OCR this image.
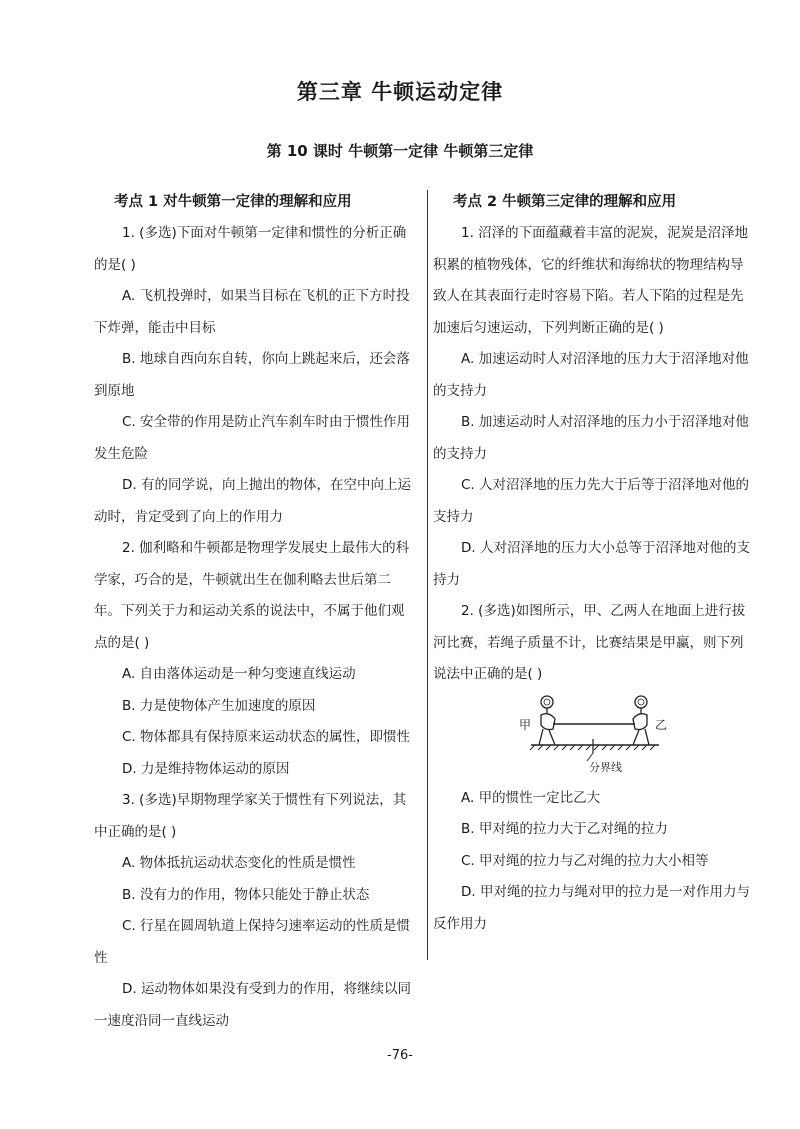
第三章 牛顿运动定律
第 10 课时 牛顿第一定律 牛顿第三定律

考点 1 对牛顿第一定律的理解和应用

1. (多选)下面对牛顿第一定律和惯性的分析正确的是( )

A. 飞机投弹时，如果当目标在飞机的正下方时投下炸弹，能击中目标

B. 地球自西向东自转，你向上跳起来后，还会落到原地

C. 安全带的作用是防止汽车刹车时由于惯性作用发生危险

D. 有的同学说，向上抛出的物体，在空中向上运动时，肯定受到了向上的作用力

2. 伽利略和牛顿都是物理学发展史上最伟大的科学家，巧合的是，牛顿就出生在伽利略去世后第二年。下列关于力和运动关系的说法中，不属于他们观点的是( )

A. 自由落体运动是一种匀变速直线运动

B. 力是使物体产生加速度的原因

C. 物体都具有保持原来运动状态的属性，即惯性

D. 力是维持物体运动的原因

3. (多选)早期物理学家关于惯性有下列说法，其中正确的是( )

A. 物体抵抗运动状态变化的性质是惯性

B. 没有力的作用，物体只能处于静止状态

C. 行星在圆周轨道上保持匀速率运动的性质是惯性

D. 运动物体如果没有受到力的作用，将继续以同一速度沿同一直线运动

考点 2 牛顿第三定律的理解和应用

1. 沼泽的下面蕴藏着丰富的泥炭，泥炭是沼泽地积累的植物残体，它的纤维状和海绵状的物理结构导致人在其表面行走时容易下陷。若人下陷的过程是先加速后匀速运动，下列判断正确的是( )

A. 加速运动时人对沼泽地的压力大于沼泽地对他的支持力

B. 加速运动时人对沼泽地的压力小于沼泽地对他的支持力

C. 人对沼泽地的压力先大于后等于沼泽地对他的支持力

D. 人对沼泽地的压力大小总等于沼泽地对他的支持力

2. (多选)如图所示，甲、乙两人在地面上进行拔河比赛，若绳子质量不计，比赛结果是甲赢，则下列说法中正确的是( )

甲	乙
分界线

A. 甲的惯性一定比乙大

B. 甲对绳的拉力大于乙对绳的拉力

C. 甲对绳的拉力与乙对绳的拉力大小相等

D. 甲对绳的拉力与绳对甲的拉力是一对作用力与反作用力

-76-
